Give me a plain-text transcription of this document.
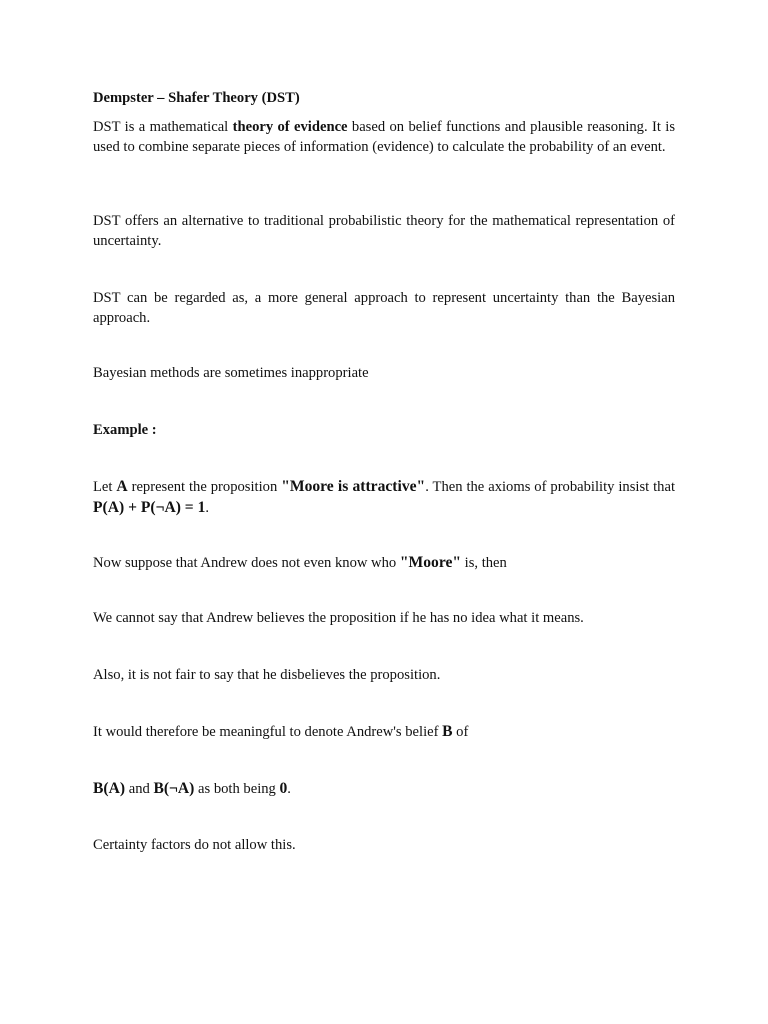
Dempster – Shafer Theory (DST)

DST is a mathematical theory of evidence based on belief functions and plausible reasoning. It is used to combine separate pieces of information (evidence) to calculate the probability of an event.

DST offers an alternative to traditional probabilistic theory for the mathematical representation of uncertainty.

DST can be regarded as, a more general approach to represent uncertainty than the Bayesian approach.

Bayesian methods are sometimes inappropriate

Example :

Let A represent the proposition "Moore is attractive". Then the axioms of probability insist that P(A) + P(¬A) = 1.

Now suppose that Andrew does not even know who "Moore" is, then

We cannot say that Andrew believes the proposition if he has no idea what it means.

Also, it is not fair to say that he disbelieves the proposition.

It would therefore be meaningful to denote Andrew's belief B of

B(A) and B(¬A) as both being 0.

Certainty factors do not allow this.
